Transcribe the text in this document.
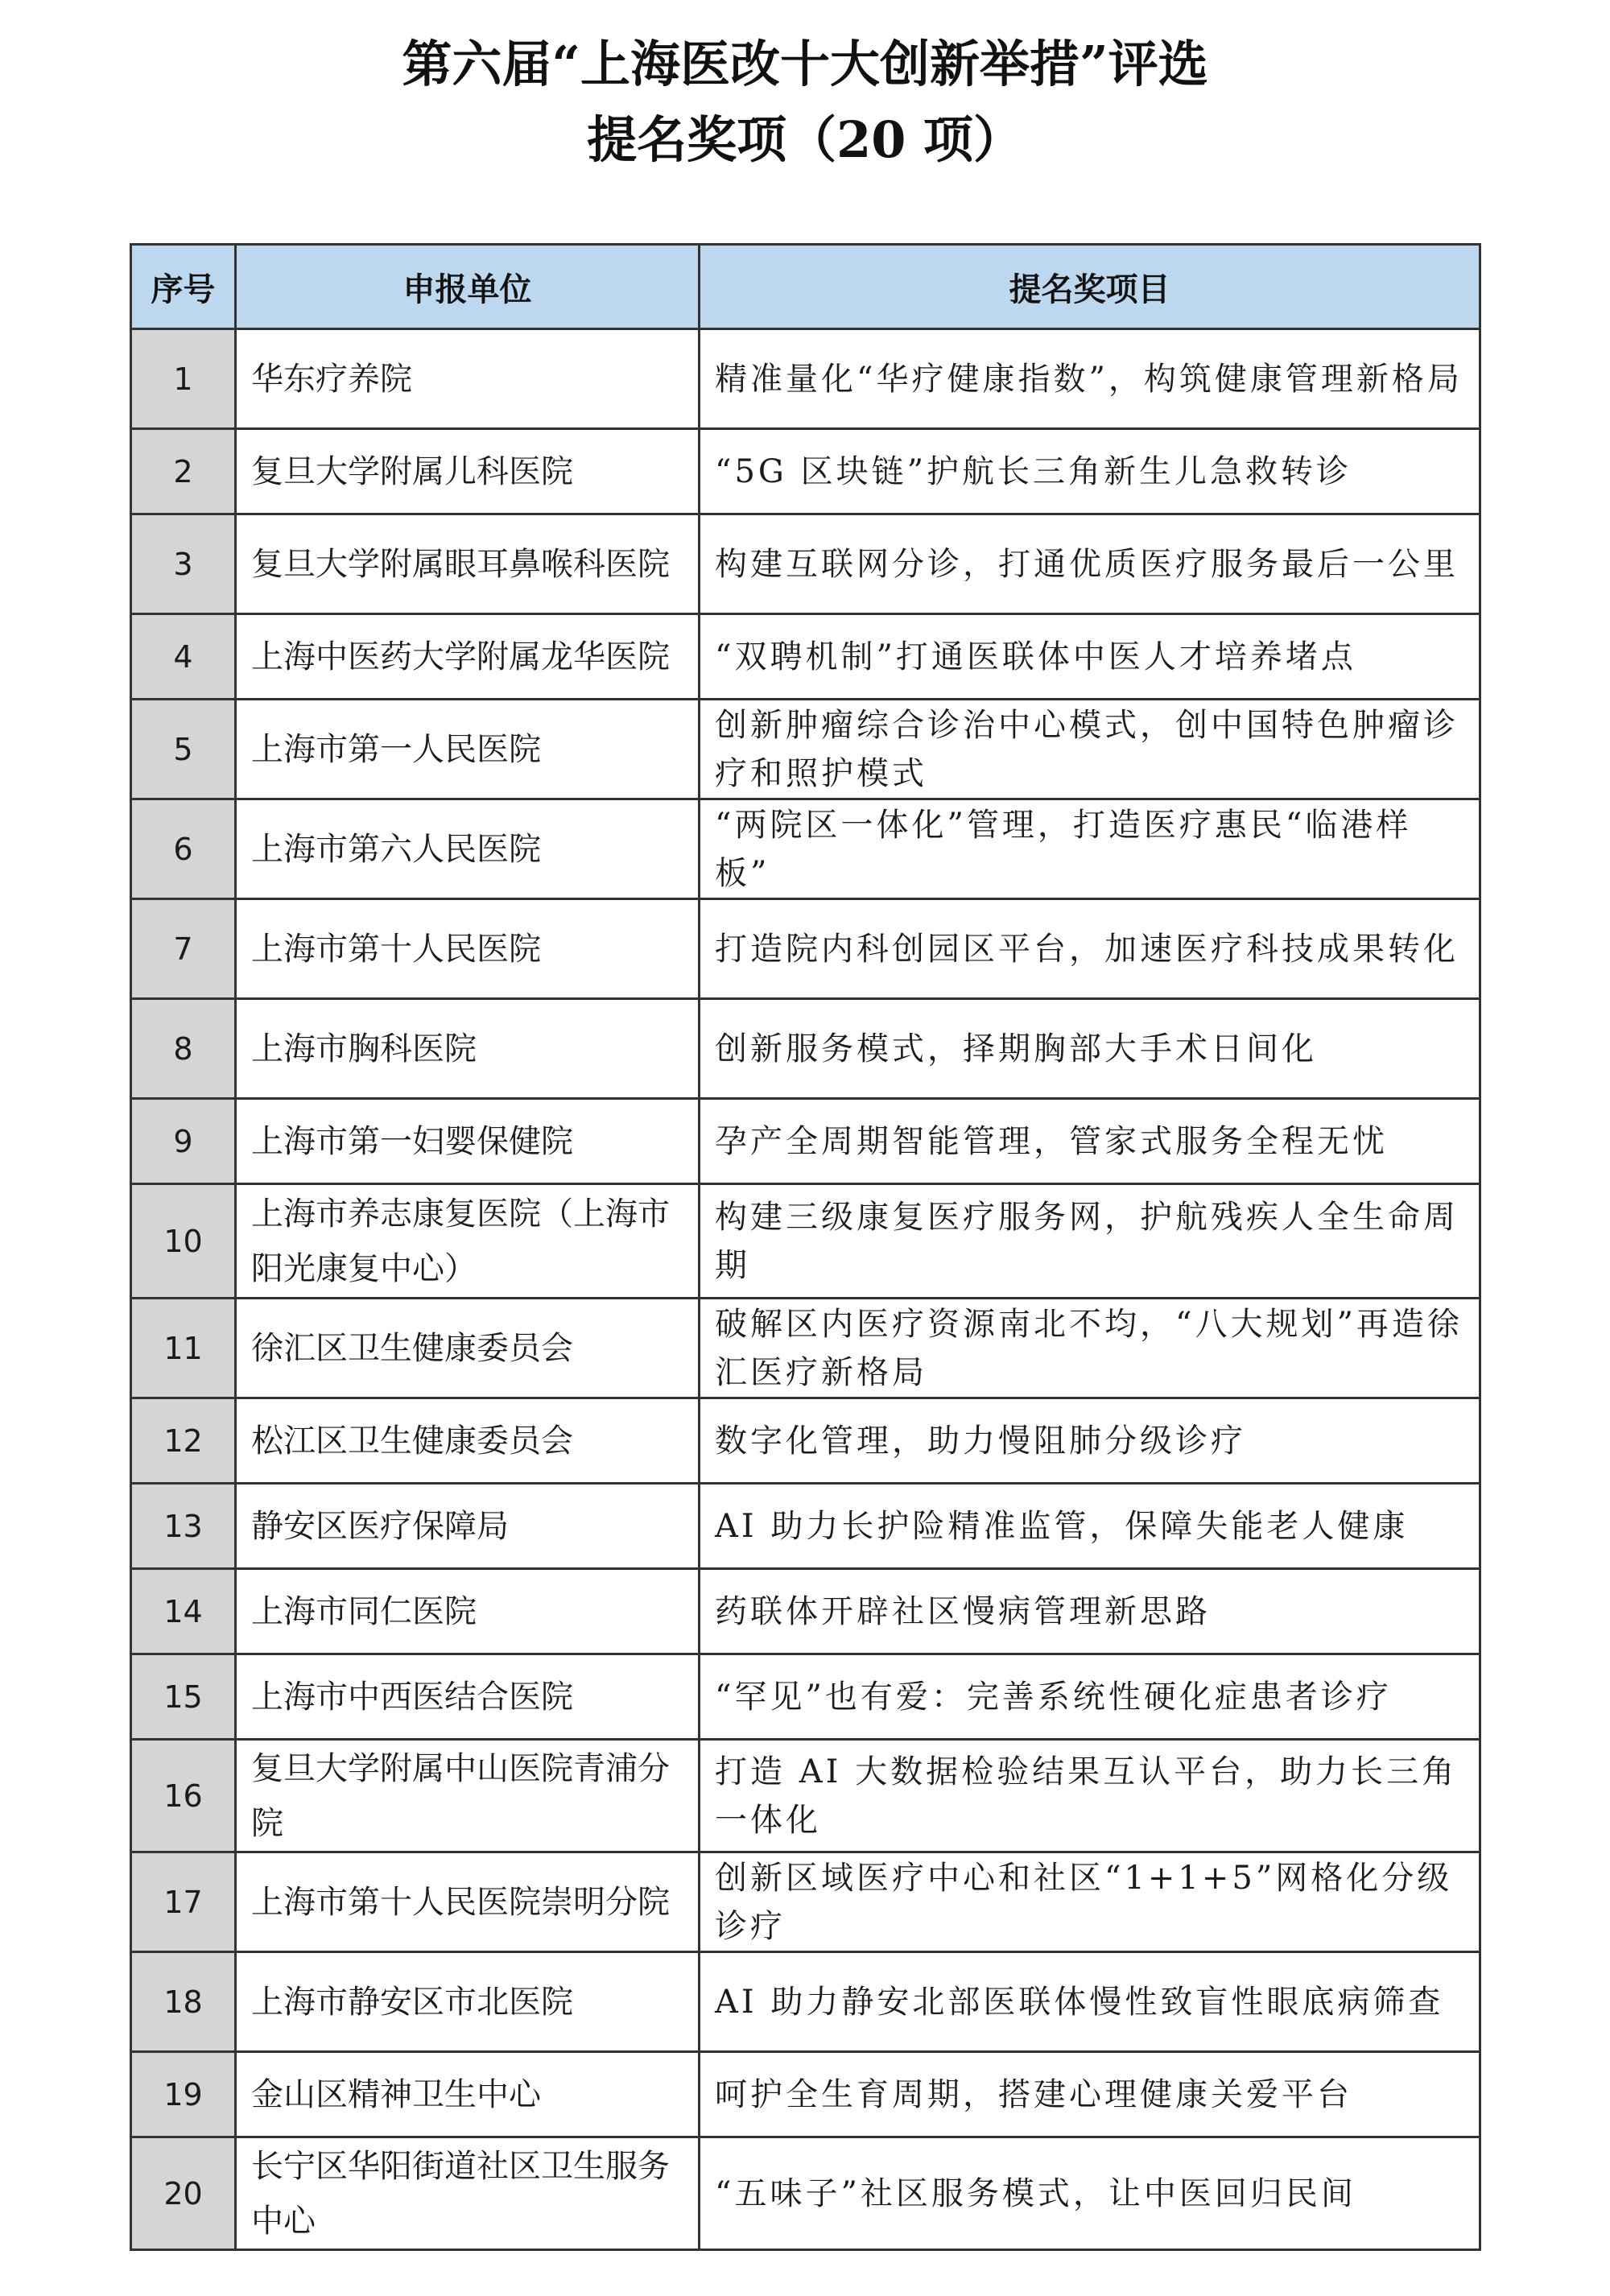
第六届“上海医改十大创新举措”评选
提名奖项（20 项）
序号	申报单位	提名奖项目
1	华东疗养院	精准量化“华疗健康指数”，构筑健康管理新格局
2	复旦大学附属儿科医院	“5G 区块链”护航长三角新生儿急救转诊
3	复旦大学附属眼耳鼻喉科医院	构建互联网分诊，打通优质医疗服务最后一公里
4	上海中医药大学附属龙华医院	“双聘机制”打通医联体中医人才培养堵点
5	上海市第一人民医院	创新肿瘤综合诊治中心模式，创中国特色肿瘤诊疗和照护模式
6	上海市第六人民医院	“两院区一体化”管理，打造医疗惠民“临港样板”
7	上海市第十人民医院	打造院内科创园区平台，加速医疗科技成果转化
8	上海市胸科医院	创新服务模式，择期胸部大手术日间化
9	上海市第一妇婴保健院	孕产全周期智能管理，管家式服务全程无忧
10	上海市养志康复医院（上海市阳光康复中心）	构建三级康复医疗服务网，护航残疾人全生命周期
11	徐汇区卫生健康委员会	破解区内医疗资源南北不均，“八大规划”再造徐汇医疗新格局
12	松江区卫生健康委员会	数字化管理，助力慢阻肺分级诊疗
13	静安区医疗保障局	AI 助力长护险精准监管，保障失能老人健康
14	上海市同仁医院	药联体开辟社区慢病管理新思路
15	上海市中西医结合医院	“罕见”也有爱：完善系统性硬化症患者诊疗
16	复旦大学附属中山医院青浦分院	打造 AI 大数据检验结果互认平台，助力长三角一体化
17	上海市第十人民医院崇明分院	创新区域医疗中心和社区“1+1+5”网格化分级诊疗
18	上海市静安区市北医院	AI 助力静安北部医联体慢性致盲性眼底病筛查
19	金山区精神卫生中心	呵护全生育周期，搭建心理健康关爱平台
20	长宁区华阳街道社区卫生服务中心	“五味子”社区服务模式，让中医回归民间
